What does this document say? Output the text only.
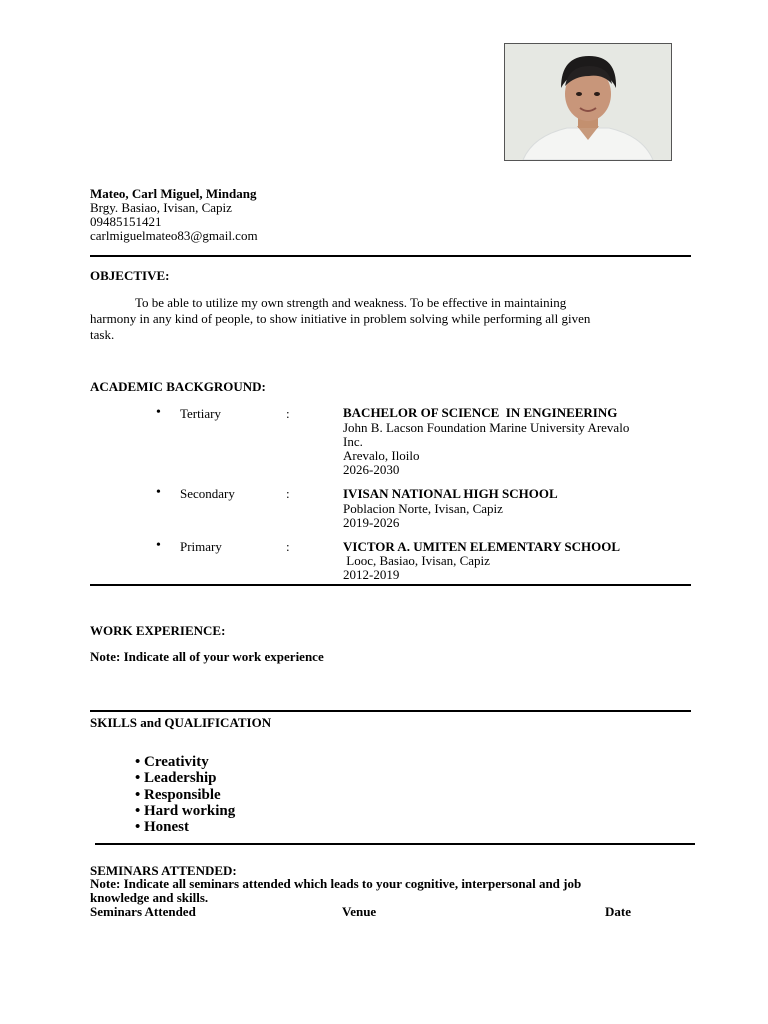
Mateo, Carl Miguel, Mindang
Brgy. Basiao, Ivisan, Capiz
09485151421
carlmiguelmateo83@gmail.com
OBJECTIVE:
To be able to utilize my own strength and weakness. To be effective in maintaining
harmony in any kind of people, to show initiative in problem solving while performing all given
task.
ACADEMIC BACKGROUND:
• Tertiary	:	BACHELOR OF SCIENCE  IN ENGINEERING
John B. Lacson Foundation Marine University Arevalo
Inc.
Arevalo, Iloilo
2026-2030
• Secondary	:	IVISAN NATIONAL HIGH SCHOOL
Poblacion Norte, Ivisan, Capiz
2019-2026
• Primary	:	VICTOR A. UMITEN ELEMENTARY SCHOOL
Looc, Basiao, Ivisan, Capiz
2012-2019
WORK EXPERIENCE:
Note: Indicate all of your work experience
SKILLS and QUALIFICATION
• Creativity
• Leadership
• Responsible
• Hard working
• Honest
SEMINARS ATTENDED:
Note: Indicate all seminars attended which leads to your cognitive, interpersonal and job
knowledge and skills.
Seminars Attended	Venue	Date
